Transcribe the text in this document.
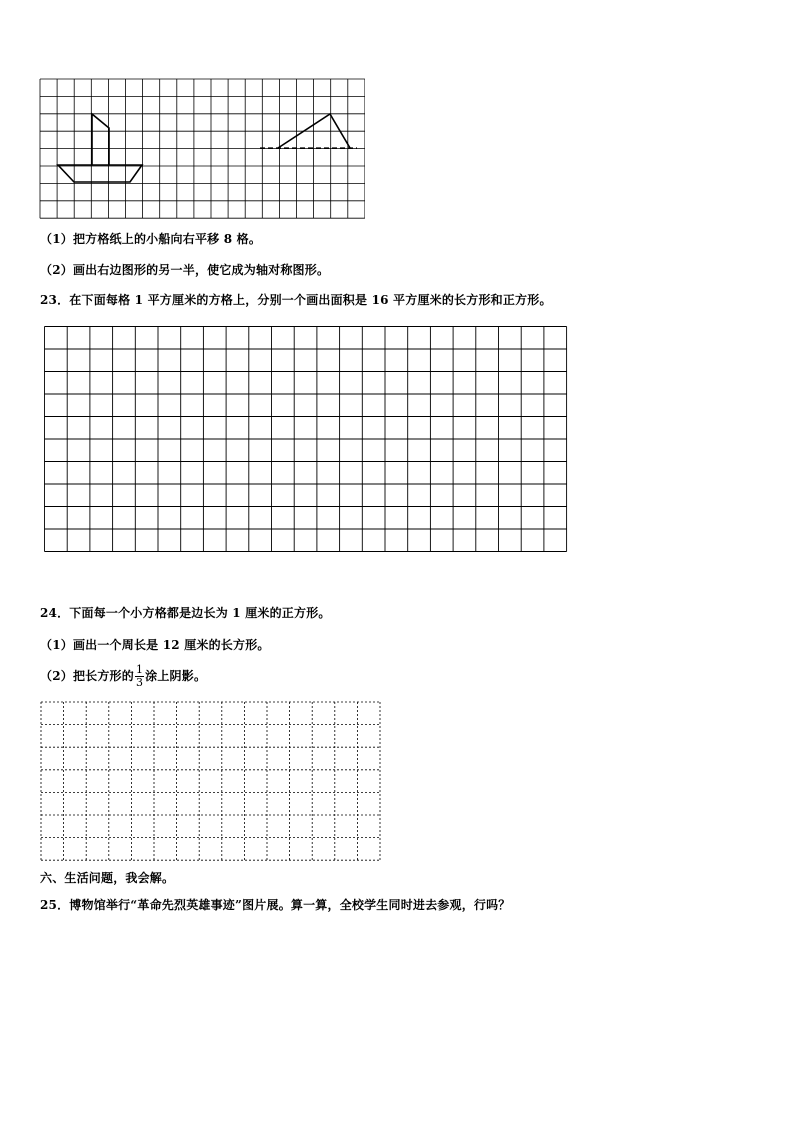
（1）把方格纸上的小船向右平移 8 格。
（2）画出右边图形的另一半，使它成为轴对称图形。
23．在下面每格 1 平方厘米的方格上，分别一个画出面积是 16 平方厘米的长方形和正方形。
24．下面每一个小方格都是边长为 1 厘米的正方形。
（1）画出一个周长是 12 厘米的长方形。
（2）把长方形的 $\frac{1}{3}$ 涂上阴影。
六、生活问题，我会解。
25．博物馆举行“革命先烈英雄事迹”图片展。算一算，全校学生同时进去参观，行吗？
